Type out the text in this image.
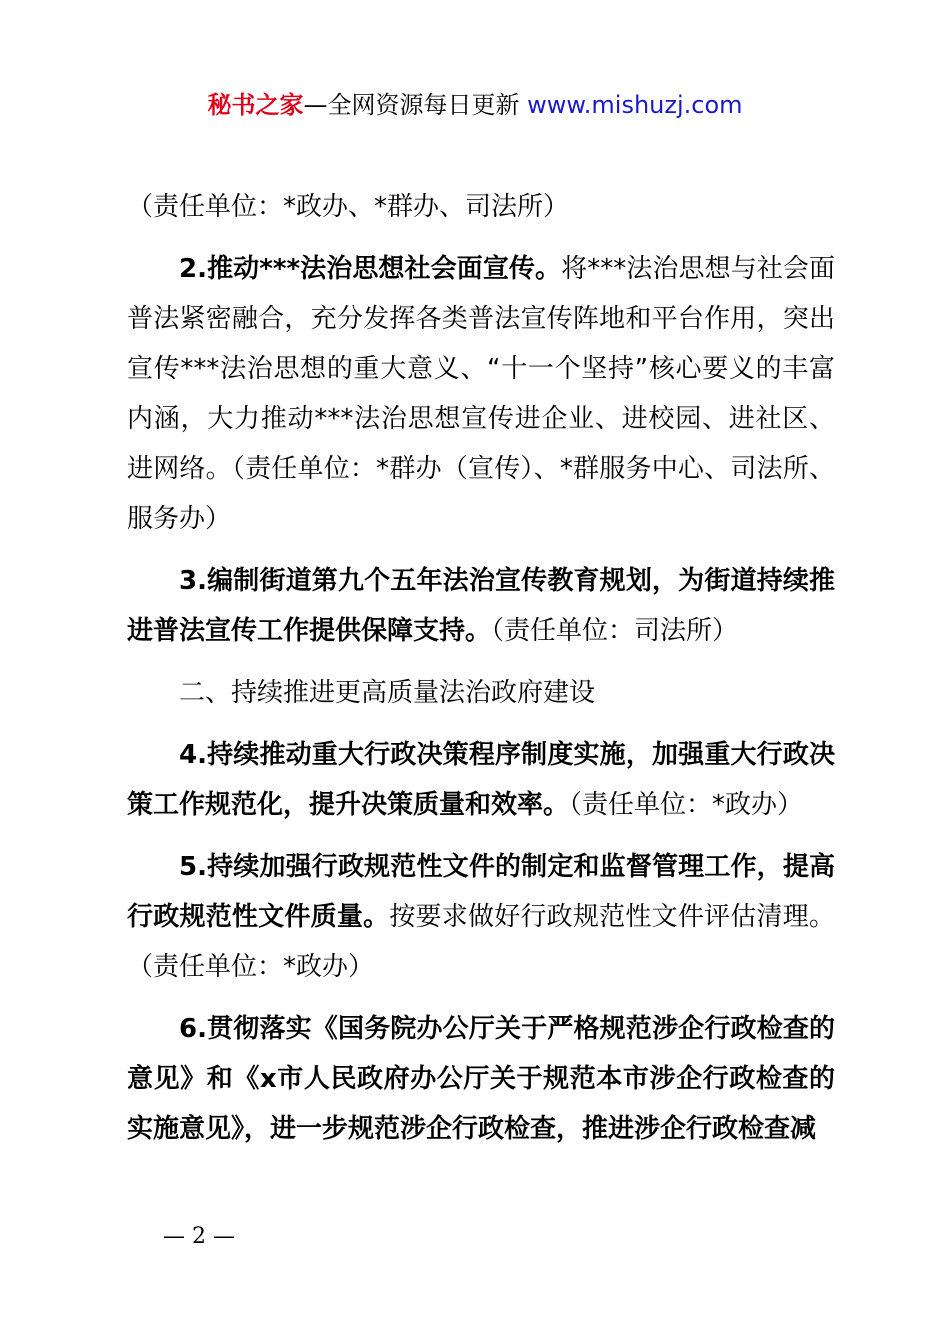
秘书之家—全网资源每日更新 www.mishuzj.com

（责任单位：*政办、*群办、司法所）

2.推动***法治思想社会面宣传。将***法治思想与社会面普法紧密融合，充分发挥各类普法宣传阵地和平台作用，突出宣传***法治思想的重大意义、“十一个坚持”核心要义的丰富内涵，大力推动***法治思想宣传进企业、进校园、进社区、进网络。（责任单位：*群办（宣传）、*群服务中心、司法所、服务办）

3.编制街道第九个五年法治宣传教育规划，为街道持续推进普法宣传工作提供保障支持。（责任单位：司法所）

二、持续推进更高质量法治政府建设

4.持续推动重大行政决策程序制度实施，加强重大行政决策工作规范化，提升决策质量和效率。（责任单位：*政办）

5.持续加强行政规范性文件的制定和监督管理工作，提高行政规范性文件质量。按要求做好行政规范性文件评估清理。（责任单位：*政办）

6.贯彻落实《国务院办公厅关于严格规范涉企行政检查的意见》和《x市人民政府办公厅关于规范本市涉企行政检查的实施意见》，进一步规范涉企行政检查，推进涉企行政检查减

— 2 —
